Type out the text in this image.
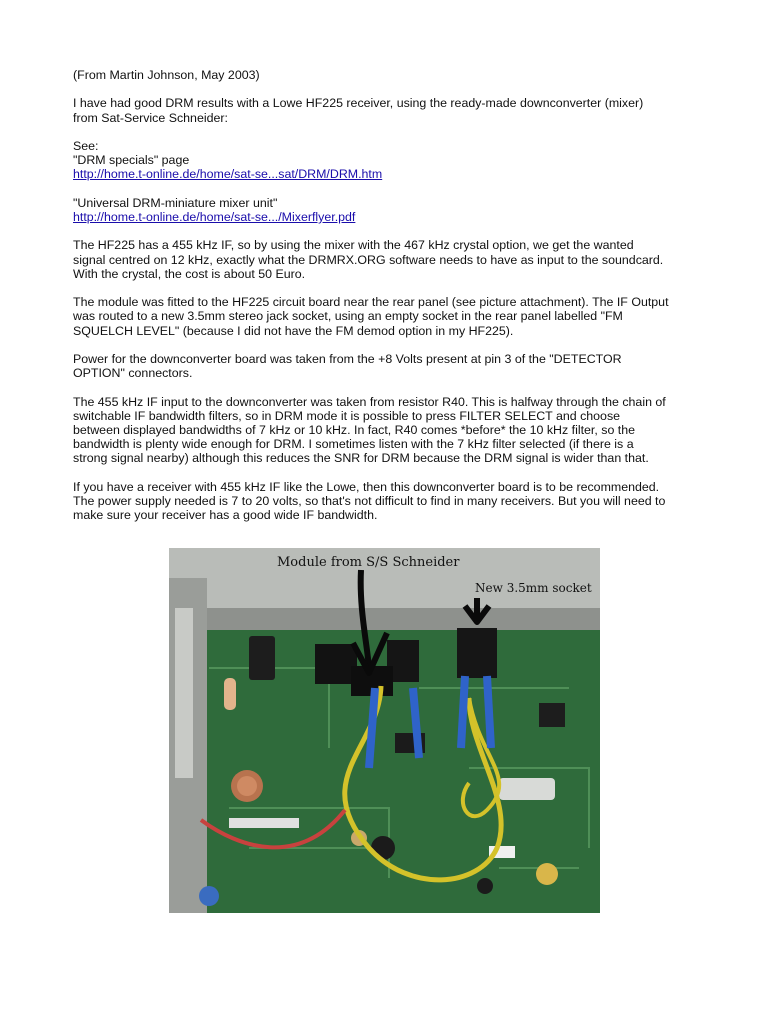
(From Martin Johnson, May 2003)

I have had good DRM results with a Lowe HF225 receiver, using the ready-made downconverter (mixer)
from Sat-Service Schneider:

See:
"DRM specials" page
http://home.t-online.de/home/sat-se...sat/DRM/DRM.htm

"Universal DRM-miniature mixer unit"
http://home.t-online.de/home/sat-se.../Mixerflyer.pdf

The HF225 has a 455 kHz IF, so by using the mixer with the 467 kHz crystal option, we get the wanted
signal centred on 12 kHz, exactly what the DRMRX.ORG software needs to have as input to the soundcard.
With the crystal, the cost is about 50 Euro.

The module was fitted to the HF225 circuit board near the rear panel (see picture attachment). The IF Output
was routed to a new 3.5mm stereo jack socket, using an empty socket in the rear panel labelled "FM
SQUELCH LEVEL" (because I did not have the FM demod option in my HF225).

Power for the downconverter board was taken from the +8 Volts present at pin 3 of the "DETECTOR
OPTION" connectors.

The 455 kHz IF input to the downconverter was taken from resistor R40. This is halfway through the chain of
switchable IF bandwidth filters, so in DRM mode it is possible to press FILTER SELECT and choose
between displayed bandwidths of 7 kHz or 10 kHz. In fact, R40 comes *before* the 10 kHz filter, so the
bandwidth is plenty wide enough for DRM. I sometimes listen with the 7 kHz filter selected (if there is a
strong signal nearby) although this reduces the SNR for DRM because the DRM signal is wider than that.

If you have a receiver with 455 kHz IF like the Lowe, then this downconverter board is to be recommended.
The power supply needed is 7 to 20 volts, so that's not difficult to find in many receivers. But you will need to
make sure your receiver has a good wide IF bandwidth.

Module from S/S Schneider
New 3.5mm socket
